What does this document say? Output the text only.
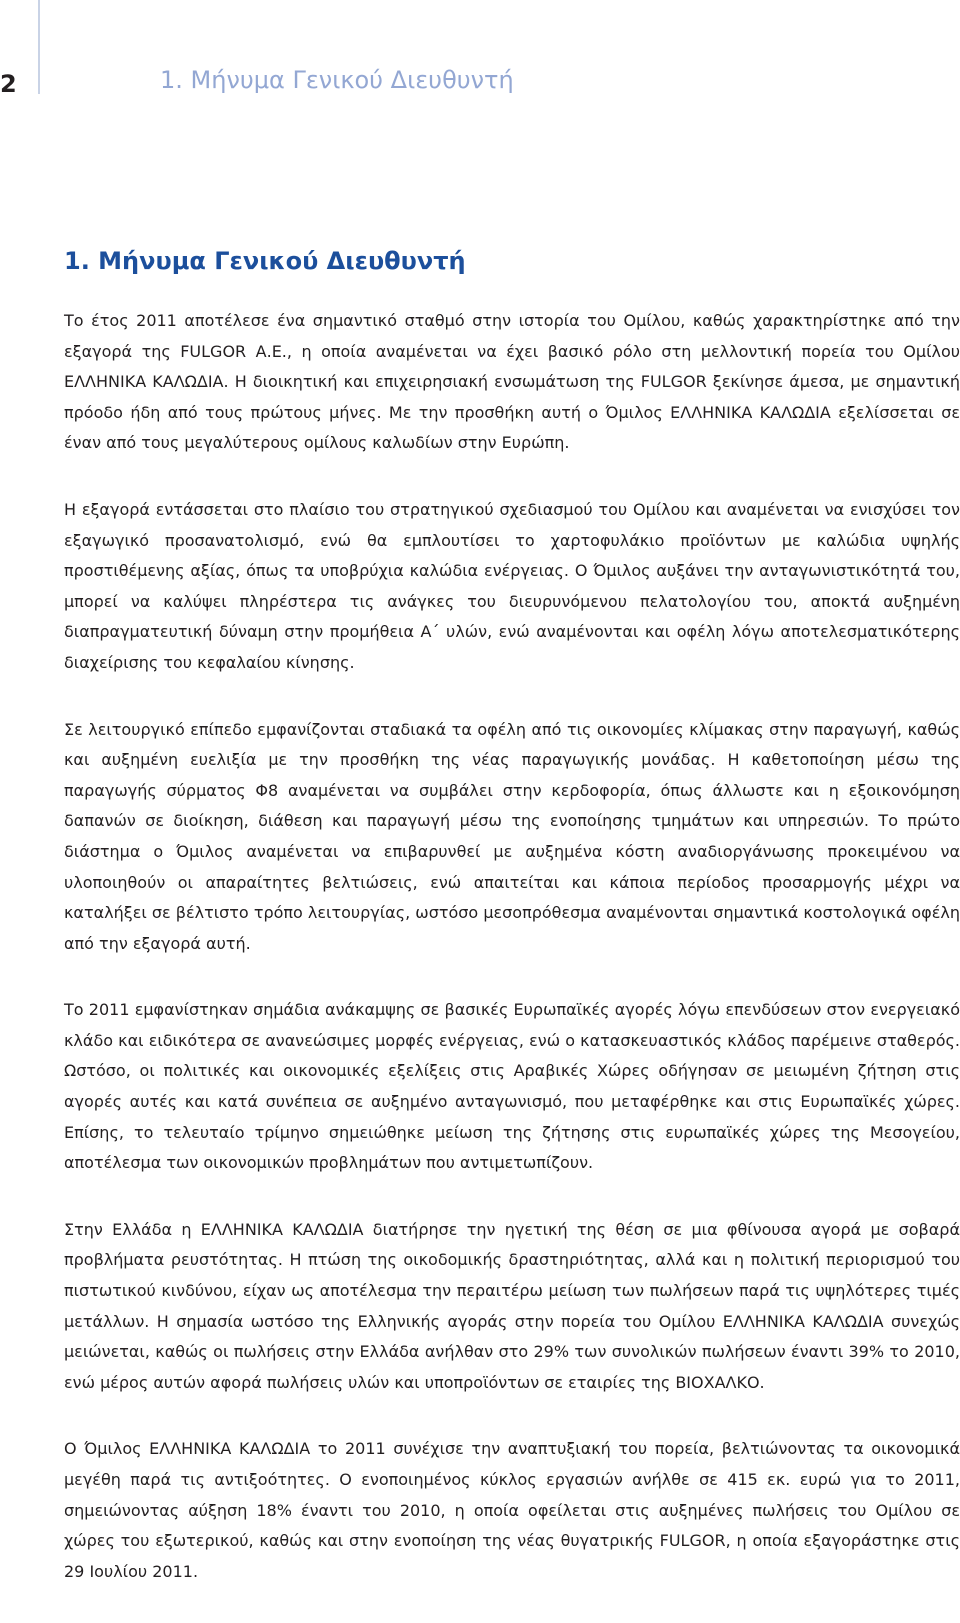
2	1. Μήνυμα Γενικού Διευθυντή
1. Μήνυμα Γενικού Διευθυντή

Το έτος 2011 αποτέλεσε ένα σημαντικό σταθμό στην ιστορία του Ομίλου, καθώς χαρακτηρίστηκε από την εξαγορά της FULGOR Α.Ε., η οποία αναμένεται να έχει βασικό ρόλο στη μελλοντική πορεία του Ομίλου ΕΛΛΗΝΙΚΑ ΚΑΛΩΔΙΑ. Η διοικητική και επιχειρησιακή ενσωμάτωση της FULGOR ξεκίνησε άμεσα, με σημαντική πρόοδο ήδη από τους πρώτους μήνες. Με την προσθήκη αυτή ο Όμιλος ΕΛΛΗΝΙΚΑ ΚΑΛΩΔΙΑ εξελίσσεται σε έναν από τους μεγαλύτερους ομίλους καλωδίων στην Ευρώπη.

Η εξαγορά εντάσσεται στο πλαίσιο του στρατηγικού σχεδιασμού του Ομίλου και αναμένεται να ενισχύσει τον εξαγωγικό προσανατολισμό, ενώ θα εμπλουτίσει το χαρτοφυλάκιο προϊόντων με καλώδια υψηλής προστιθέμενης αξίας, όπως τα υποβρύχια καλώδια ενέργειας. Ο Όμιλος αυξάνει την ανταγωνιστικότητά του, μπορεί να καλύψει πληρέστερα τις ανάγκες του διευρυνόμενου πελατολογίου του, αποκτά αυξημένη διαπραγματευτική δύναμη στην προμήθεια Α΄ υλών, ενώ αναμένονται και οφέλη λόγω αποτελεσματικότερης διαχείρισης του κεφαλαίου κίνησης.

Σε λειτουργικό επίπεδο εμφανίζονται σταδιακά τα οφέλη από τις οικονομίες κλίμακας στην παραγωγή, καθώς και αυξημένη ευελιξία με την προσθήκη της νέας παραγωγικής μονάδας. Η καθετοποίηση μέσω της παραγωγής σύρματος Φ8 αναμένεται να συμβάλει στην κερδοφορία, όπως άλλωστε και η εξοικονόμηση δαπανών σε διοίκηση, διάθεση και παραγωγή μέσω της ενοποίησης τμημάτων και υπηρεσιών. Το πρώτο διάστημα ο Όμιλος αναμένεται να επιβαρυνθεί με αυξημένα κόστη αναδιοργάνωσης προκειμένου να υλοποιηθούν οι απαραίτητες βελτιώσεις, ενώ απαιτείται και κάποια περίοδος προσαρμογής μέχρι να καταλήξει σε βέλτιστο τρόπο λειτουργίας, ωστόσο μεσοπρόθεσμα αναμένονται σημαντικά κοστολογικά οφέλη από την εξαγορά αυτή.

Το 2011 εμφανίστηκαν σημάδια ανάκαμψης σε βασικές Ευρωπαϊκές αγορές λόγω επενδύσεων στον ενεργειακό κλάδο και ειδικότερα σε ανανεώσιμες μορφές ενέργειας, ενώ ο κατασκευαστικός κλάδος παρέμεινε σταθερός. Ωστόσο, οι πολιτικές και οικονομικές εξελίξεις στις Αραβικές Χώρες οδήγησαν σε μειωμένη ζήτηση στις αγορές αυτές και κατά συνέπεια σε αυξημένο ανταγωνισμό, που μεταφέρθηκε και στις Ευρωπαϊκές χώρες. Επίσης, το τελευταίο τρίμηνο σημειώθηκε μείωση της ζήτησης στις ευρωπαϊκές χώρες της Μεσογείου, αποτέλεσμα των οικονομικών προβλημάτων που αντιμετωπίζουν.

Στην Ελλάδα η ΕΛΛΗΝΙΚΑ ΚΑΛΩΔΙΑ διατήρησε την ηγετική της θέση σε μια φθίνουσα αγορά με σοβαρά προβλήματα ρευστότητας. Η πτώση της οικοδομικής δραστηριότητας, αλλά και η πολιτική περιορισμού του πιστωτικού κινδύνου, είχαν ως αποτέλεσμα την περαιτέρω μείωση των πωλήσεων παρά τις υψηλότερες τιμές μετάλλων. Η σημασία ωστόσο της Ελληνικής αγοράς στην πορεία του Ομίλου ΕΛΛΗΝΙΚΑ ΚΑΛΩΔΙΑ συνεχώς μειώνεται, καθώς οι πωλήσεις στην Ελλάδα ανήλθαν στο 29% των συνολικών πωλήσεων έναντι 39% το 2010, ενώ μέρος αυτών αφορά πωλήσεις υλών και υποπροϊόντων σε εταιρίες της ΒΙΟΧΑΛΚΟ.

Ο Όμιλος ΕΛΛΗΝΙΚΑ ΚΑΛΩΔΙΑ το 2011 συνέχισε την αναπτυξιακή του πορεία, βελτιώνοντας τα οικονομικά μεγέθη παρά τις αντιξοότητες. Ο ενοποιημένος κύκλος εργασιών ανήλθε σε 415 εκ. ευρώ για το 2011, σημειώνοντας αύξηση 18% έναντι του 2010, η οποία οφείλεται στις αυξημένες πωλήσεις του Ομίλου σε χώρες του εξωτερικού, καθώς και στην ενοποίηση της νέας θυγατρικής FULGOR, η οποία εξαγοράστηκε στις 29 Ιουλίου 2011.
